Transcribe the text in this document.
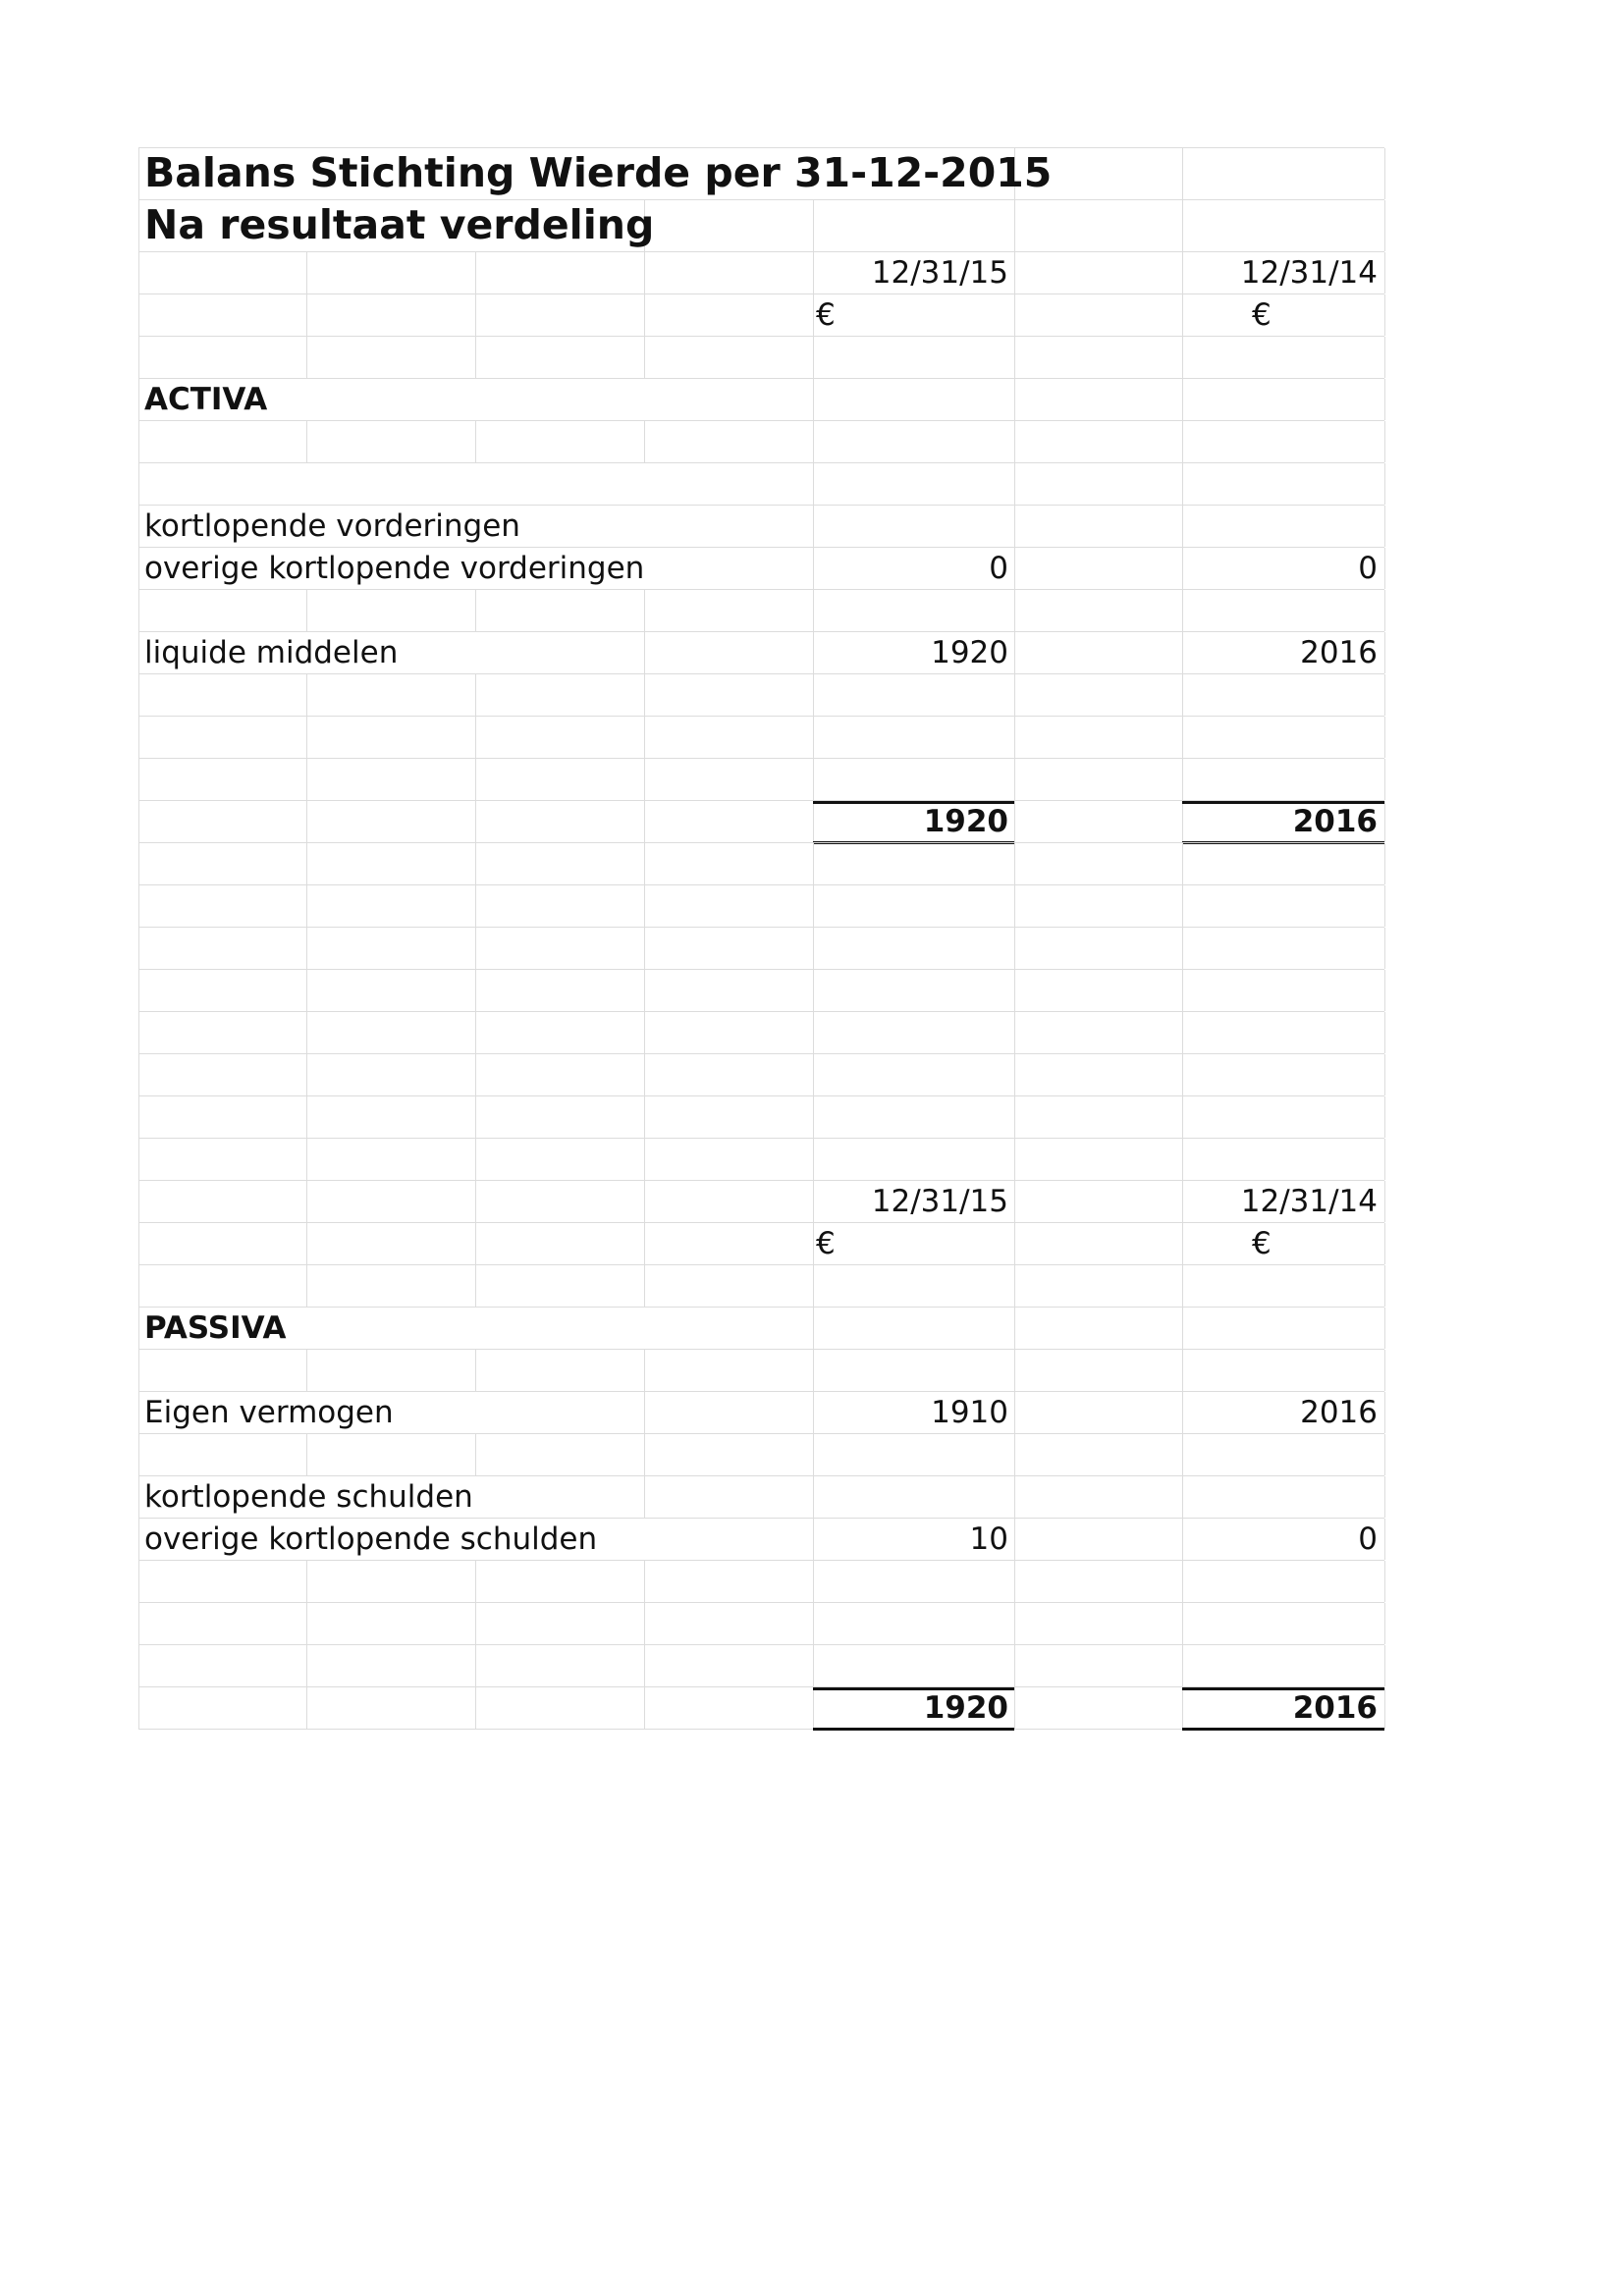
Balans Stichting Wierde per 31-12-2015
Na resultaat verdeling
12/31/15	12/31/14
€	€
ACTIVA
kortlopende vorderingen
overige kortlopende vorderingen	0	0
liquide middelen	1920	2016
1920	2016
12/31/15	12/31/14
€	€
PASSIVA
Eigen vermogen	1910	2016
kortlopende schulden
overige kortlopende schulden	10	0
1920	2016
